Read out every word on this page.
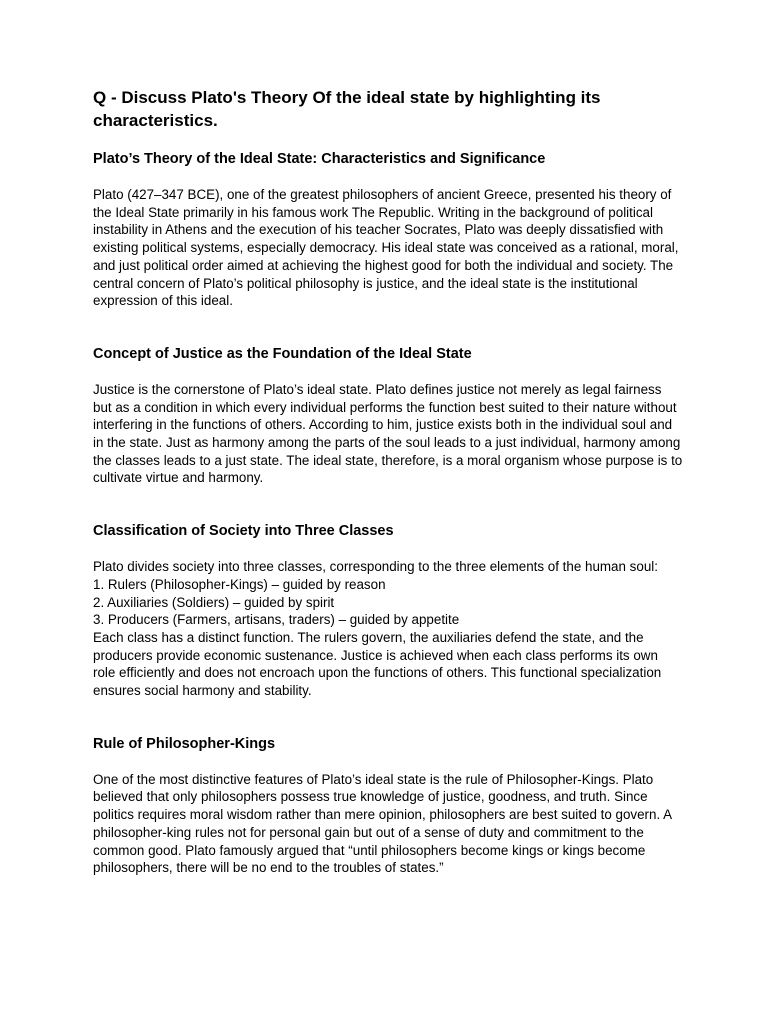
Q - Discuss Plato's Theory Of the ideal state by highlighting its characteristics.
Plato’s Theory of the Ideal State: Characteristics and Significance

Plato (427–347 BCE), one of the greatest philosophers of ancient Greece, presented his theory of the Ideal State primarily in his famous work The Republic. Writing in the background of political instability in Athens and the execution of his teacher Socrates, Plato was deeply dissatisfied with existing political systems, especially democracy. His ideal state was conceived as a rational, moral, and just political order aimed at achieving the highest good for both the individual and society. The central concern of Plato’s political philosophy is justice, and the ideal state is the institutional expression of this ideal.

Concept of Justice as the Foundation of the Ideal State

Justice is the cornerstone of Plato’s ideal state. Plato defines justice not merely as legal fairness but as a condition in which every individual performs the function best suited to their nature without interfering in the functions of others. According to him, justice exists both in the individual soul and in the state. Just as harmony among the parts of the soul leads to a just individual, harmony among the classes leads to a just state. The ideal state, therefore, is a moral organism whose purpose is to cultivate virtue and harmony.

Classification of Society into Three Classes

Plato divides society into three classes, corresponding to the three elements of the human soul:
1. Rulers (Philosopher-Kings) – guided by reason
2. Auxiliaries (Soldiers) – guided by spirit
3. Producers (Farmers, artisans, traders) – guided by appetite
Each class has a distinct function. The rulers govern, the auxiliaries defend the state, and the producers provide economic sustenance. Justice is achieved when each class performs its own role efficiently and does not encroach upon the functions of others. This functional specialization ensures social harmony and stability.

Rule of Philosopher-Kings

One of the most distinctive features of Plato’s ideal state is the rule of Philosopher-Kings. Plato believed that only philosophers possess true knowledge of justice, goodness, and truth. Since politics requires moral wisdom rather than mere opinion, philosophers are best suited to govern. A philosopher-king rules not for personal gain but out of a sense of duty and commitment to the common good. Plato famously argued that “until philosophers become kings or kings become philosophers, there will be no end to the troubles of states.”
